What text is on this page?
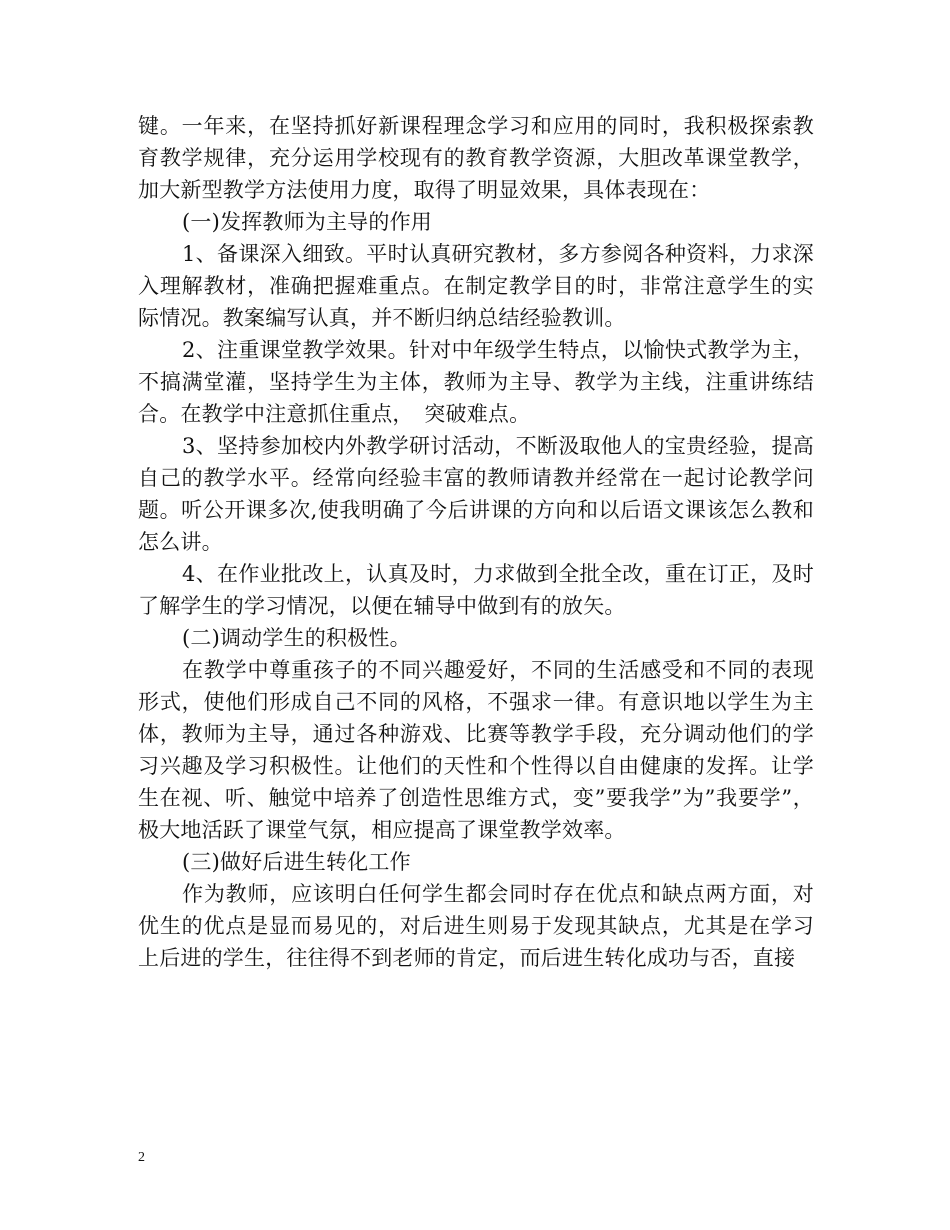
键。一年来，在坚持抓好新课程理念学习和应用的同时，我积极探索教育教学规律，充分运用学校现有的教育教学资源，大胆改革课堂教学，加大新型教学方法使用力度，取得了明显效果，具体表现在：

(一)发挥教师为主导的作用

1、备课深入细致。平时认真研究教材，多方参阅各种资料，力求深入理解教材，准确把握难重点。在制定教学目的时，非常注意学生的实际情况。教案编写认真，并不断归纳总结经验教训。

2、注重课堂教学效果。针对中年级学生特点，以愉快式教学为主，不搞满堂灌，坚持学生为主体，教师为主导、教学为主线，注重讲练结合。在教学中注意抓住重点，　突破难点。

3、坚持参加校内外教学研讨活动，不断汲取他人的宝贵经验，提高自己的教学水平。经常向经验丰富的教师请教并经常在一起讨论教学问题。听公开课多次,使我明确了今后讲课的方向和以后语文课该怎么教和怎么讲。

4、在作业批改上，认真及时，力求做到全批全改，重在订正，及时了解学生的学习情况，以便在辅导中做到有的放矢。

(二)调动学生的积极性。

在教学中尊重孩子的不同兴趣爱好，不同的生活感受和不同的表现形式，使他们形成自己不同的风格，不强求一律。有意识地以学生为主体，教师为主导，通过各种游戏、比赛等教学手段，充分调动他们的学习兴趣及学习积极性。让他们的天性和个性得以自由健康的发挥。让学生在视、听、触觉中培养了创造性思维方式，变”要我学”为”我要学”，极大地活跃了课堂气氛，相应提高了课堂教学效率。

(三)做好后进生转化工作

作为教师，应该明白任何学生都会同时存在优点和缺点两方面，对优生的优点是显而易见的，对后进生则易于发现其缺点，尤其是在学习上后进的学生，往往得不到老师的肯定，而后进生转化成功与否，直接

2
